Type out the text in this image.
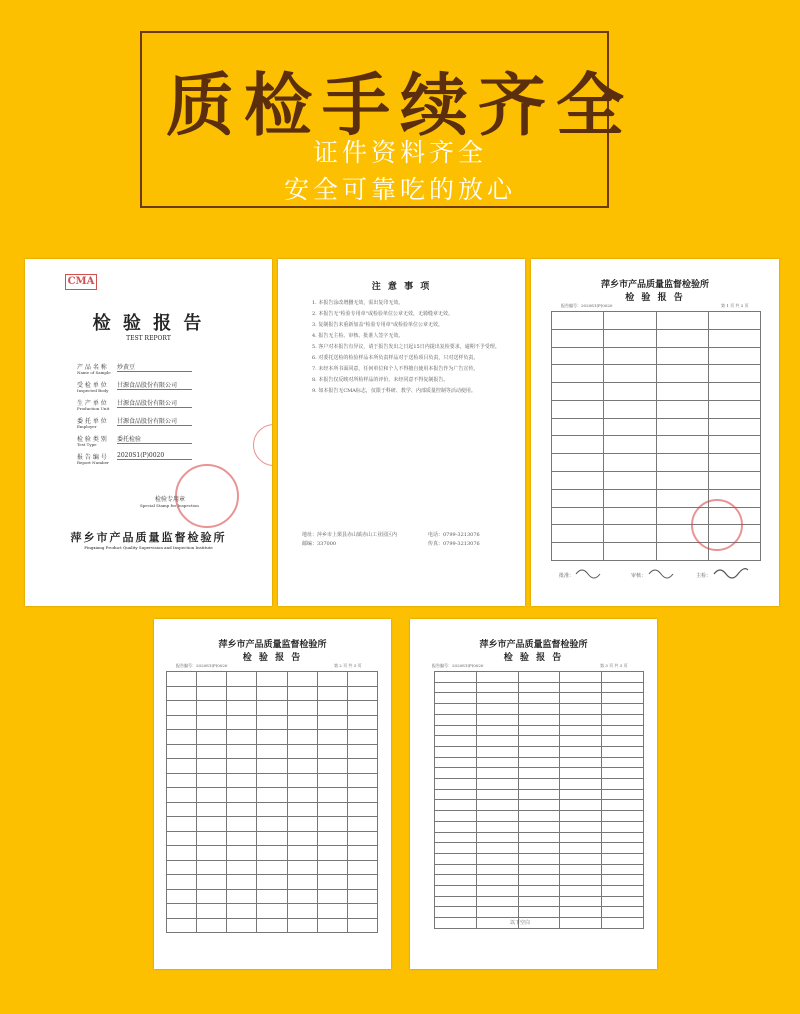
质检手续齐全
证件资料齐全
安全可靠吃的放心
CMA
检 验 报 告
TEST REPORT
产 品 名 称 炒黄豆
Name of Sample
受 检 单 位 甘源食品股份有限公司
Inspected Body
生 产 单 位 甘源食品股份有限公司
Production Unit
委 托 单 位 甘源食品股份有限公司
Employer
检 验 类 别 委托检验
Test Type
报 告 编 号 2020S1(P)0020
Report Number
检验专用章
Special Stamp for Inspection
萍乡市产品质量监督检验所
Pingxiang Product Quality Supervision and Inspection Institute
注 意 事 项
1. 本报告涂改增删无效，需出复印无效。
2. 本报告无"检验专用章"或检验单位公章无效，无骑缝章无效。
3. 复制报告未重新加盖"检验专用章"或检验单位公章无效。
4. 报告无主检、审核、批准人签字无效。
5. 客户对本报告有异议，请于报告发出之日起15日内提出复检要求，逾期不予受理。
6. 对委托送检的检验样品本所负责样品对于送检项目负责，只对送样负责。
7. 未经本所书面同意，任何单位和个人不得擅自使用本报告作为广告宣传。
8. 本报告仅反映对所检样品的评价，未经同意不得复制报告。
9. 如本报告无CMA标志，仅限于科研、教学、内部质量控制等活动使用。
地址：萍乡市上栗县赤山镇赤山工业园区内	电话：0799-3213076
邮编：337000	传真：0799-3213076
萍乡市产品质量监督检验所
检 验 报 告
报告编号：2020S1(P)0020	第 1 页 共 3 页

批准：	审核：	主检：
萍乡市产品质量监督检验所
检 验 报 告
报告编号：2020S1(P)0020	第 2 页 共 3 页

萍乡市产品质量监督检验所
检 验 报 告
报告编号：2020S1(P)0020	第 3 页 共 3 页

以下空白
